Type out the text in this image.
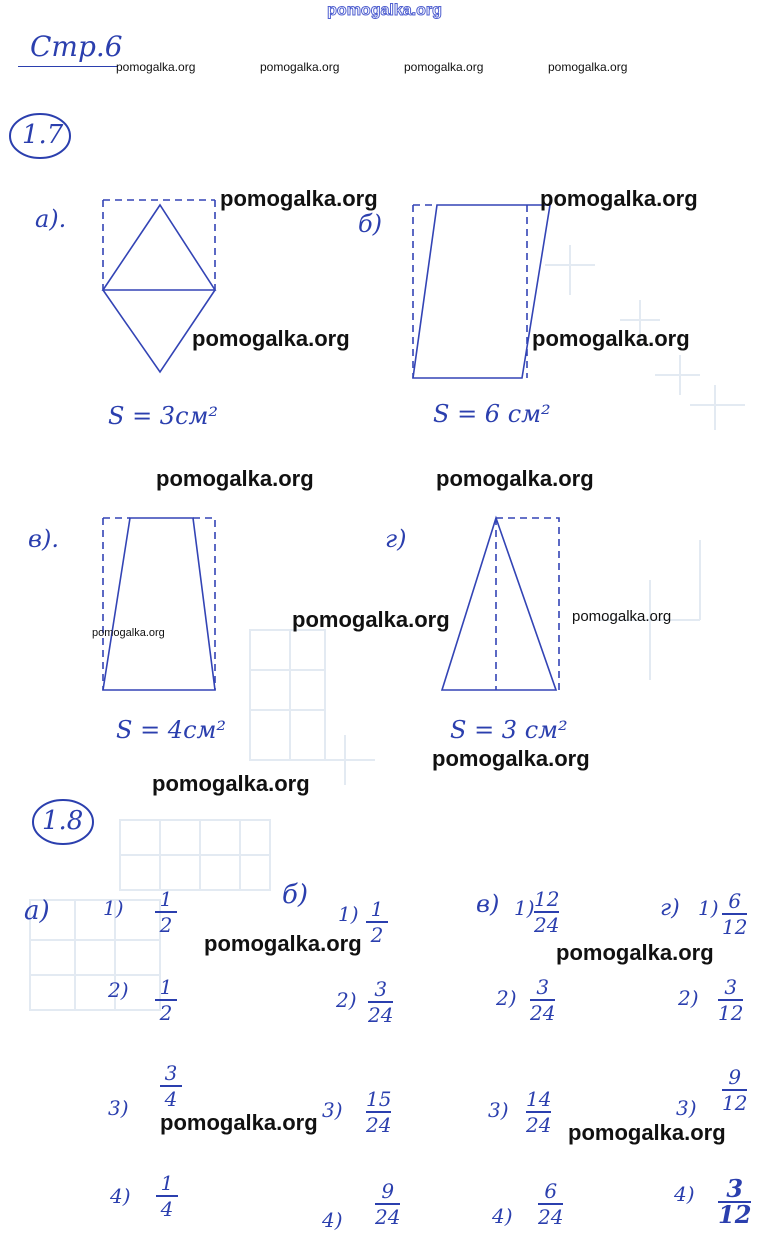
pomogalka.org
Стр.6
pomogalka.org	pomogalka.org	pomogalka.org	pomogalka.org
1.7
а).	б)
в).	г)
S = 3см²	S = 6 см²
S = 4см²	S = 3 см²
pomogalka.org	pomogalka.org
pomogalka.org	pomogalka.org
pomogalka.org	pomogalka.org
pomogalka.org
pomogalka.org
pomogalka.org
pomogalka.org	pomogalka.org
pomogalka.org	pomogalka.org
pomogalka.org
pomogalka.org
1.8
а)
б)	в)	г)
1) 1
2
2) 1
2
3)
3
4
4)
1
4
1) 1
2
2) 3
24
3) 15
24
4)
9
24
1) 12
24
2) 3
24
3) 14
24
4)
6
24
1) 6
12
2) 3
12
3)
9
12
4) 3
12
